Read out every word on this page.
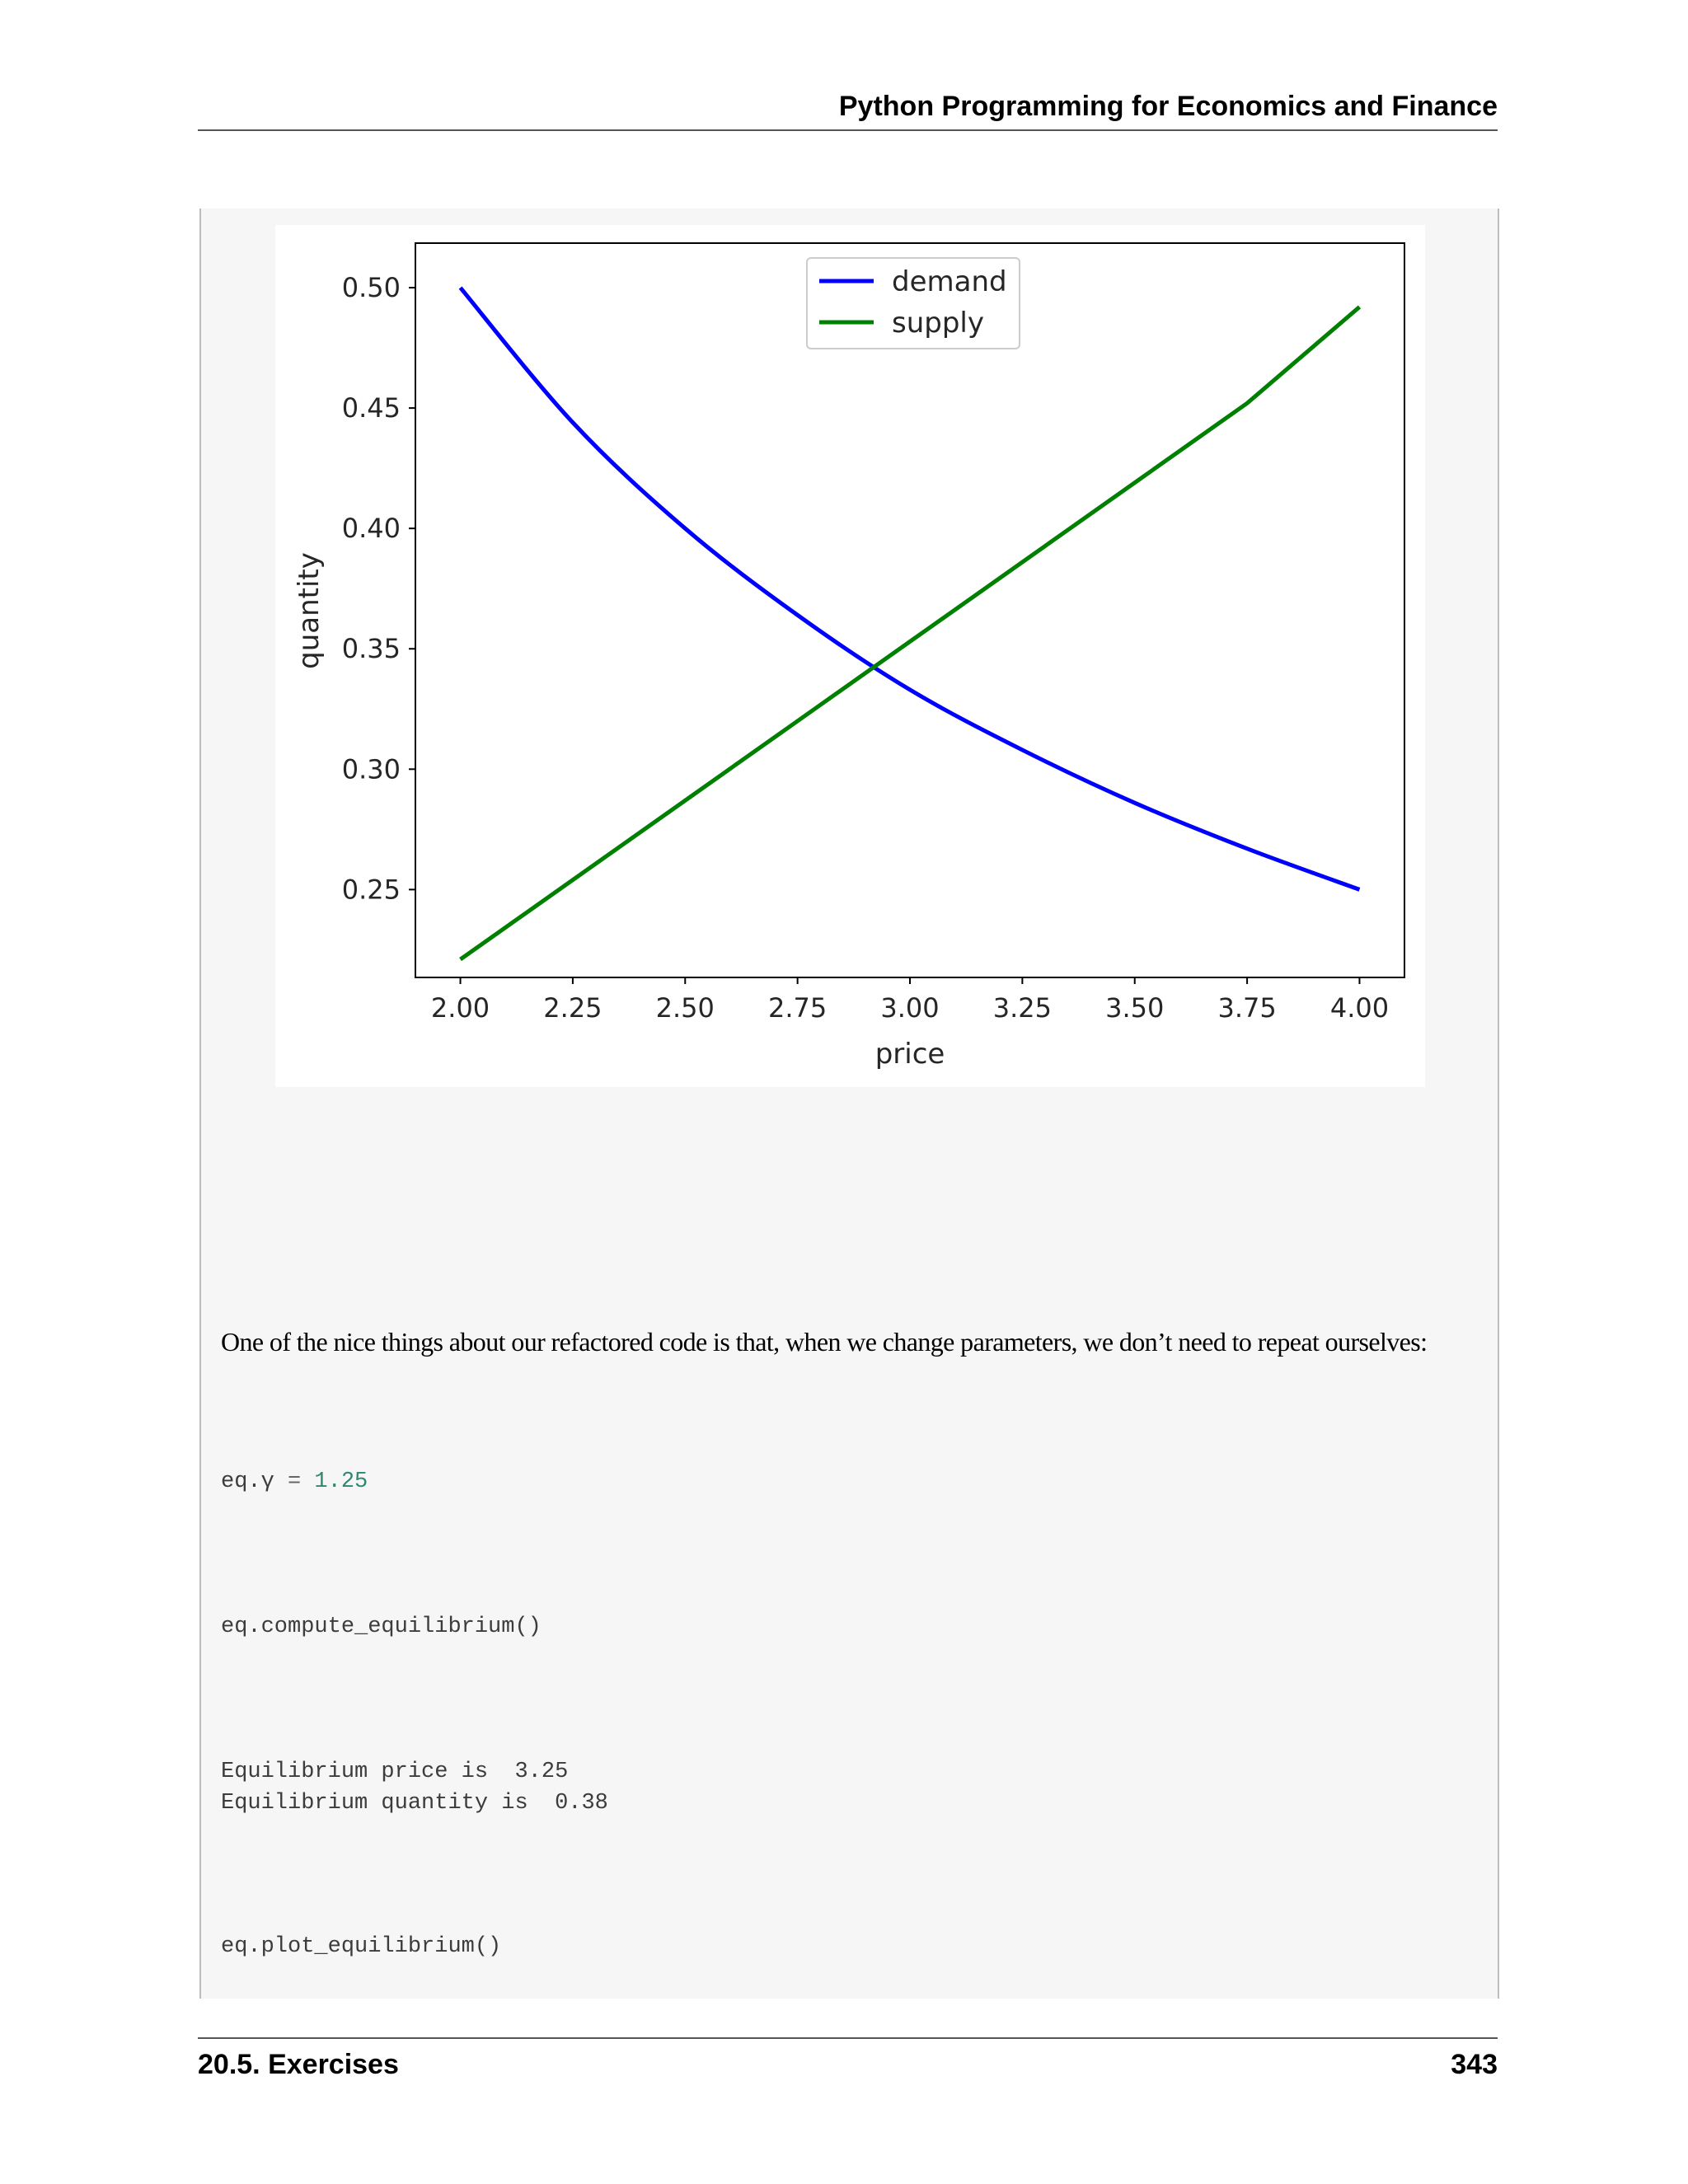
Python Programming for Economics and Finance
2.00 2.25 2.50 2.75 3.00 3.25 3.50 3.75 4.00
0.25
0.30
0.35
0.40
0.45
0.50
price
quantity
demand
supply
One of the nice things about our refactored code is that, when we change parameters, we don’t need to repeat ourselves:
eq.γ = 1.25
eq.compute_equilibrium()
Equilibrium price is  3.25
Equilibrium quantity is  0.38
eq.plot_equilibrium()
20.5. Exercises	343
